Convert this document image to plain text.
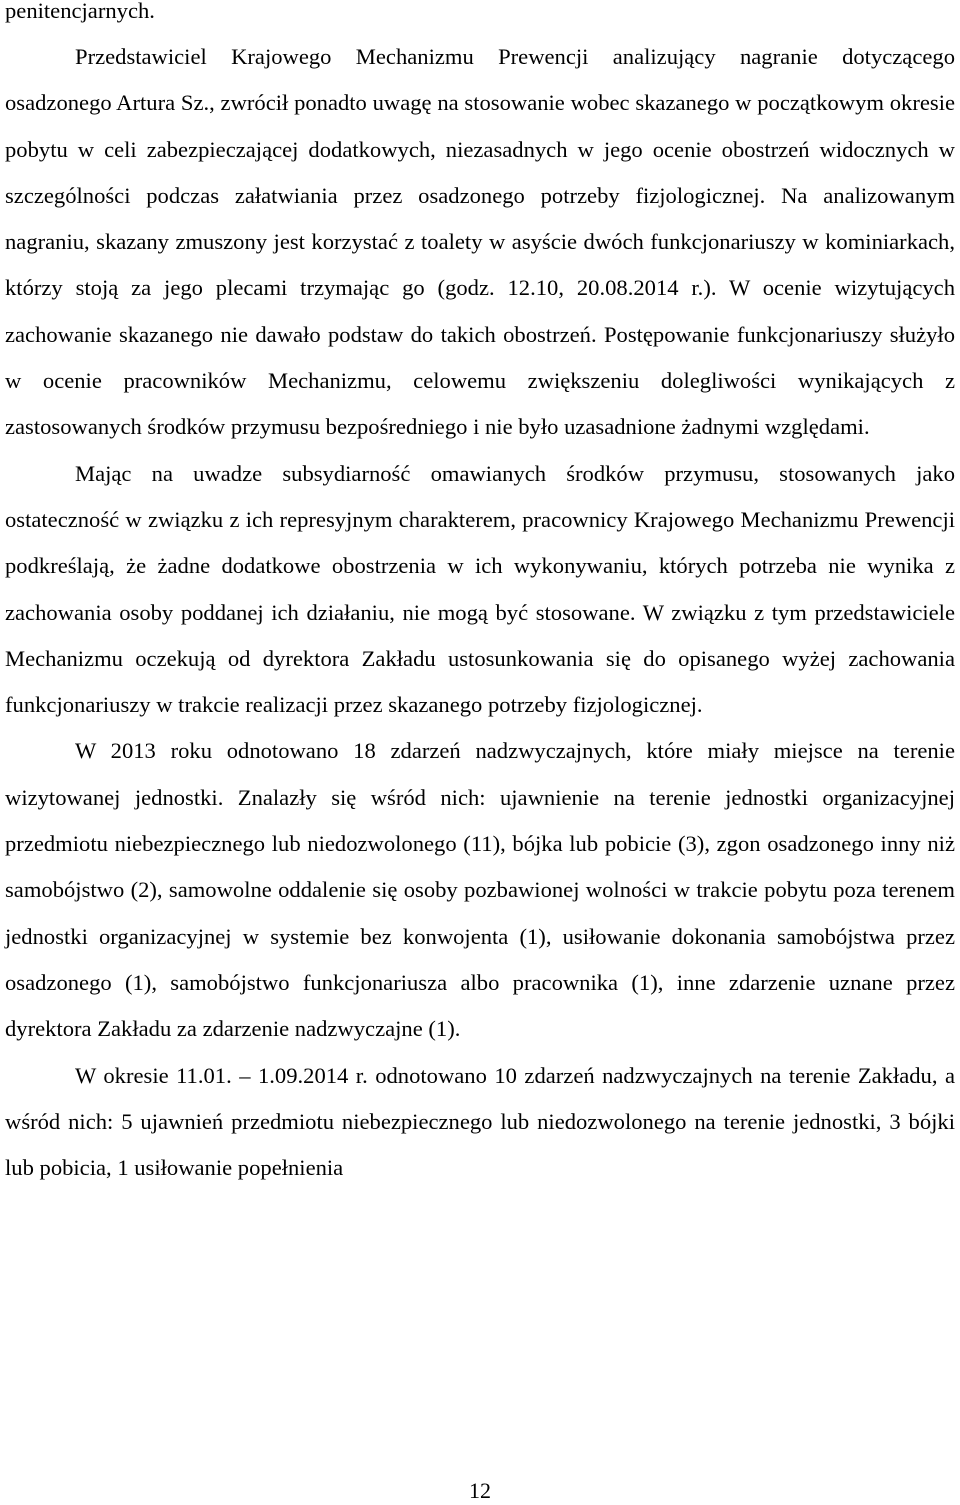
penitencjarnych.

Przedstawiciel Krajowego Mechanizmu Prewencji analizujący nagranie dotyczącego osadzonego Artura Sz., zwrócił ponadto uwagę na stosowanie wobec skazanego w początkowym okresie pobytu w celi zabezpieczającej dodatkowych, niezasadnych w jego ocenie obostrzeń widocznych w szczególności podczas załatwiania przez osadzonego potrzeby fizjologicznej. Na analizowanym nagraniu, skazany zmuszony jest korzystać z toalety w asyście dwóch funkcjonariuszy w kominiarkach, którzy stoją za jego plecami trzymając go (godz. 12.10, 20.08.2014 r.). W ocenie wizytujących zachowanie skazanego nie dawało podstaw do takich obostrzeń. Postępowanie funkcjonariuszy służyło w ocenie pracowników Mechanizmu, celowemu zwiększeniu dolegliwości wynikających z zastosowanych środków przymusu bezpośredniego i nie było uzasadnione żadnymi względami.

Mając na uwadze subsydiarność omawianych środków przymusu, stosowanych jako ostateczność w związku z ich represyjnym charakterem, pracownicy Krajowego Mechanizmu Prewencji podkreślają, że żadne dodatkowe obostrzenia w ich wykonywaniu, których potrzeba nie wynika z zachowania osoby poddanej ich działaniu, nie mogą być stosowane. W związku z tym przedstawiciele Mechanizmu oczekują od dyrektora Zakładu ustosunkowania się do opisanego wyżej zachowania funkcjonariuszy w trakcie realizacji przez skazanego potrzeby fizjologicznej.

W 2013 roku odnotowano 18 zdarzeń nadzwyczajnych, które miały miejsce na terenie wizytowanej jednostki. Znalazły się wśród nich: ujawnienie na terenie jednostki organizacyjnej przedmiotu niebezpiecznego lub niedozwolonego (11), bójka lub pobicie (3), zgon osadzonego inny niż samobójstwo (2), samowolne oddalenie się osoby pozbawionej wolności w trakcie pobytu poza terenem jednostki organizacyjnej w systemie bez konwojenta (1), usiłowanie dokonania samobójstwa przez osadzonego (1), samobójstwo funkcjonariusza albo pracownika (1), inne zdarzenie uznane przez dyrektora Zakładu za zdarzenie nadzwyczajne (1).

W okresie 11.01. – 1.09.2014 r. odnotowano 10 zdarzeń nadzwyczajnych na terenie Zakładu, a wśród nich: 5 ujawnień przedmiotu niebezpiecznego lub niedozwolonego na terenie jednostki, 3 bójki lub pobicia, 1 usiłowanie popełnienia

12
